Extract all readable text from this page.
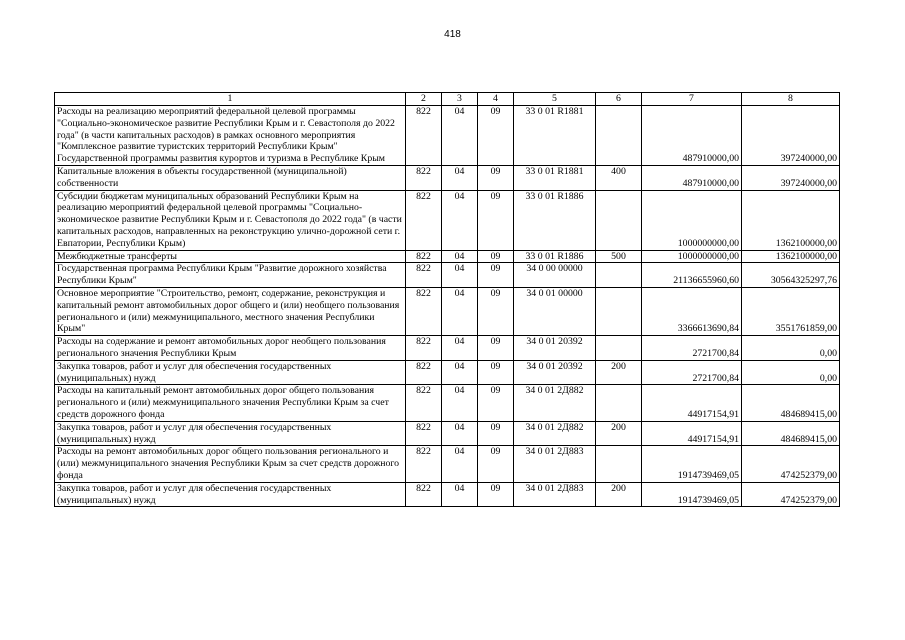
418
1	2	3	4	5	6	7	8
Расходы на реализацию мероприятий федеральной целевой программы "Социально-экономическое развитие Республики Крым и г. Севастополя до 2022 года" (в части капитальных расходов) в рамках основного мероприятия "Комплексное развитие туристских территорий Республики Крым" Государственной программы развития курортов и туризма в Республике Крым	822	04	09	33 0 01 R1881		487910000,00	397240000,00
Капитальные вложения в объекты государственной (муниципальной) собственности	822	04	09	33 0 01 R1881	400	487910000,00	397240000,00
Субсидии бюджетам муниципальных образований Республики Крым на реализацию мероприятий федеральной целевой программы "Социально-экономическое развитие Республики Крым и г. Севастополя до 2022 года" (в части капитальных расходов, направленных на реконструкцию улично-дорожной сети г. Евпатории, Республики Крым)	822	04	09	33 0 01 R1886		1000000000,00	1362100000,00
Межбюджетные трансферты	822	04	09	33 0 01 R1886	500	1000000000,00	1362100000,00
Государственная программа Республики Крым "Развитие дорожного хозяйства Республики Крым"	822	04	09	34 0 00 00000		21136655960,60	30564325297,76
Основное мероприятие "Строительство, ремонт, содержание, реконструкция и капитальный ремонт автомобильных дорог общего и (или) необщего пользования регионального и (или) межмуниципального, местного значения Республики Крым"	822	04	09	34 0 01 00000		3366613690,84	3551761859,00
Расходы на содержание и ремонт автомобильных дорог необщего пользования регионального значения Республики Крым	822	04	09	34 0 01 20392		2721700,84	0,00
Закупка товаров, работ и услуг для обеспечения государственных (муниципальных) нужд	822	04	09	34 0 01 20392	200	2721700,84	0,00
Расходы на капитальный ремонт автомобильных дорог общего пользования регионального и (или) межмуниципального значения Республики Крым за счет средств дорожного фонда	822	04	09	34 0 01 2Д882		44917154,91	484689415,00
Закупка товаров, работ и услуг для обеспечения государственных (муниципальных) нужд	822	04	09	34 0 01 2Д882	200	44917154,91	484689415,00
Расходы на ремонт автомобильных дорог общего пользования регионального и (или) межмуниципального значения Республики Крым за счет средств дорожного фонда	822	04	09	34 0 01 2Д883		1914739469,05	474252379,00
Закупка товаров, работ и услуг для обеспечения государственных (муниципальных) нужд	822	04	09	34 0 01 2Д883	200	1914739469,05	474252379,00
